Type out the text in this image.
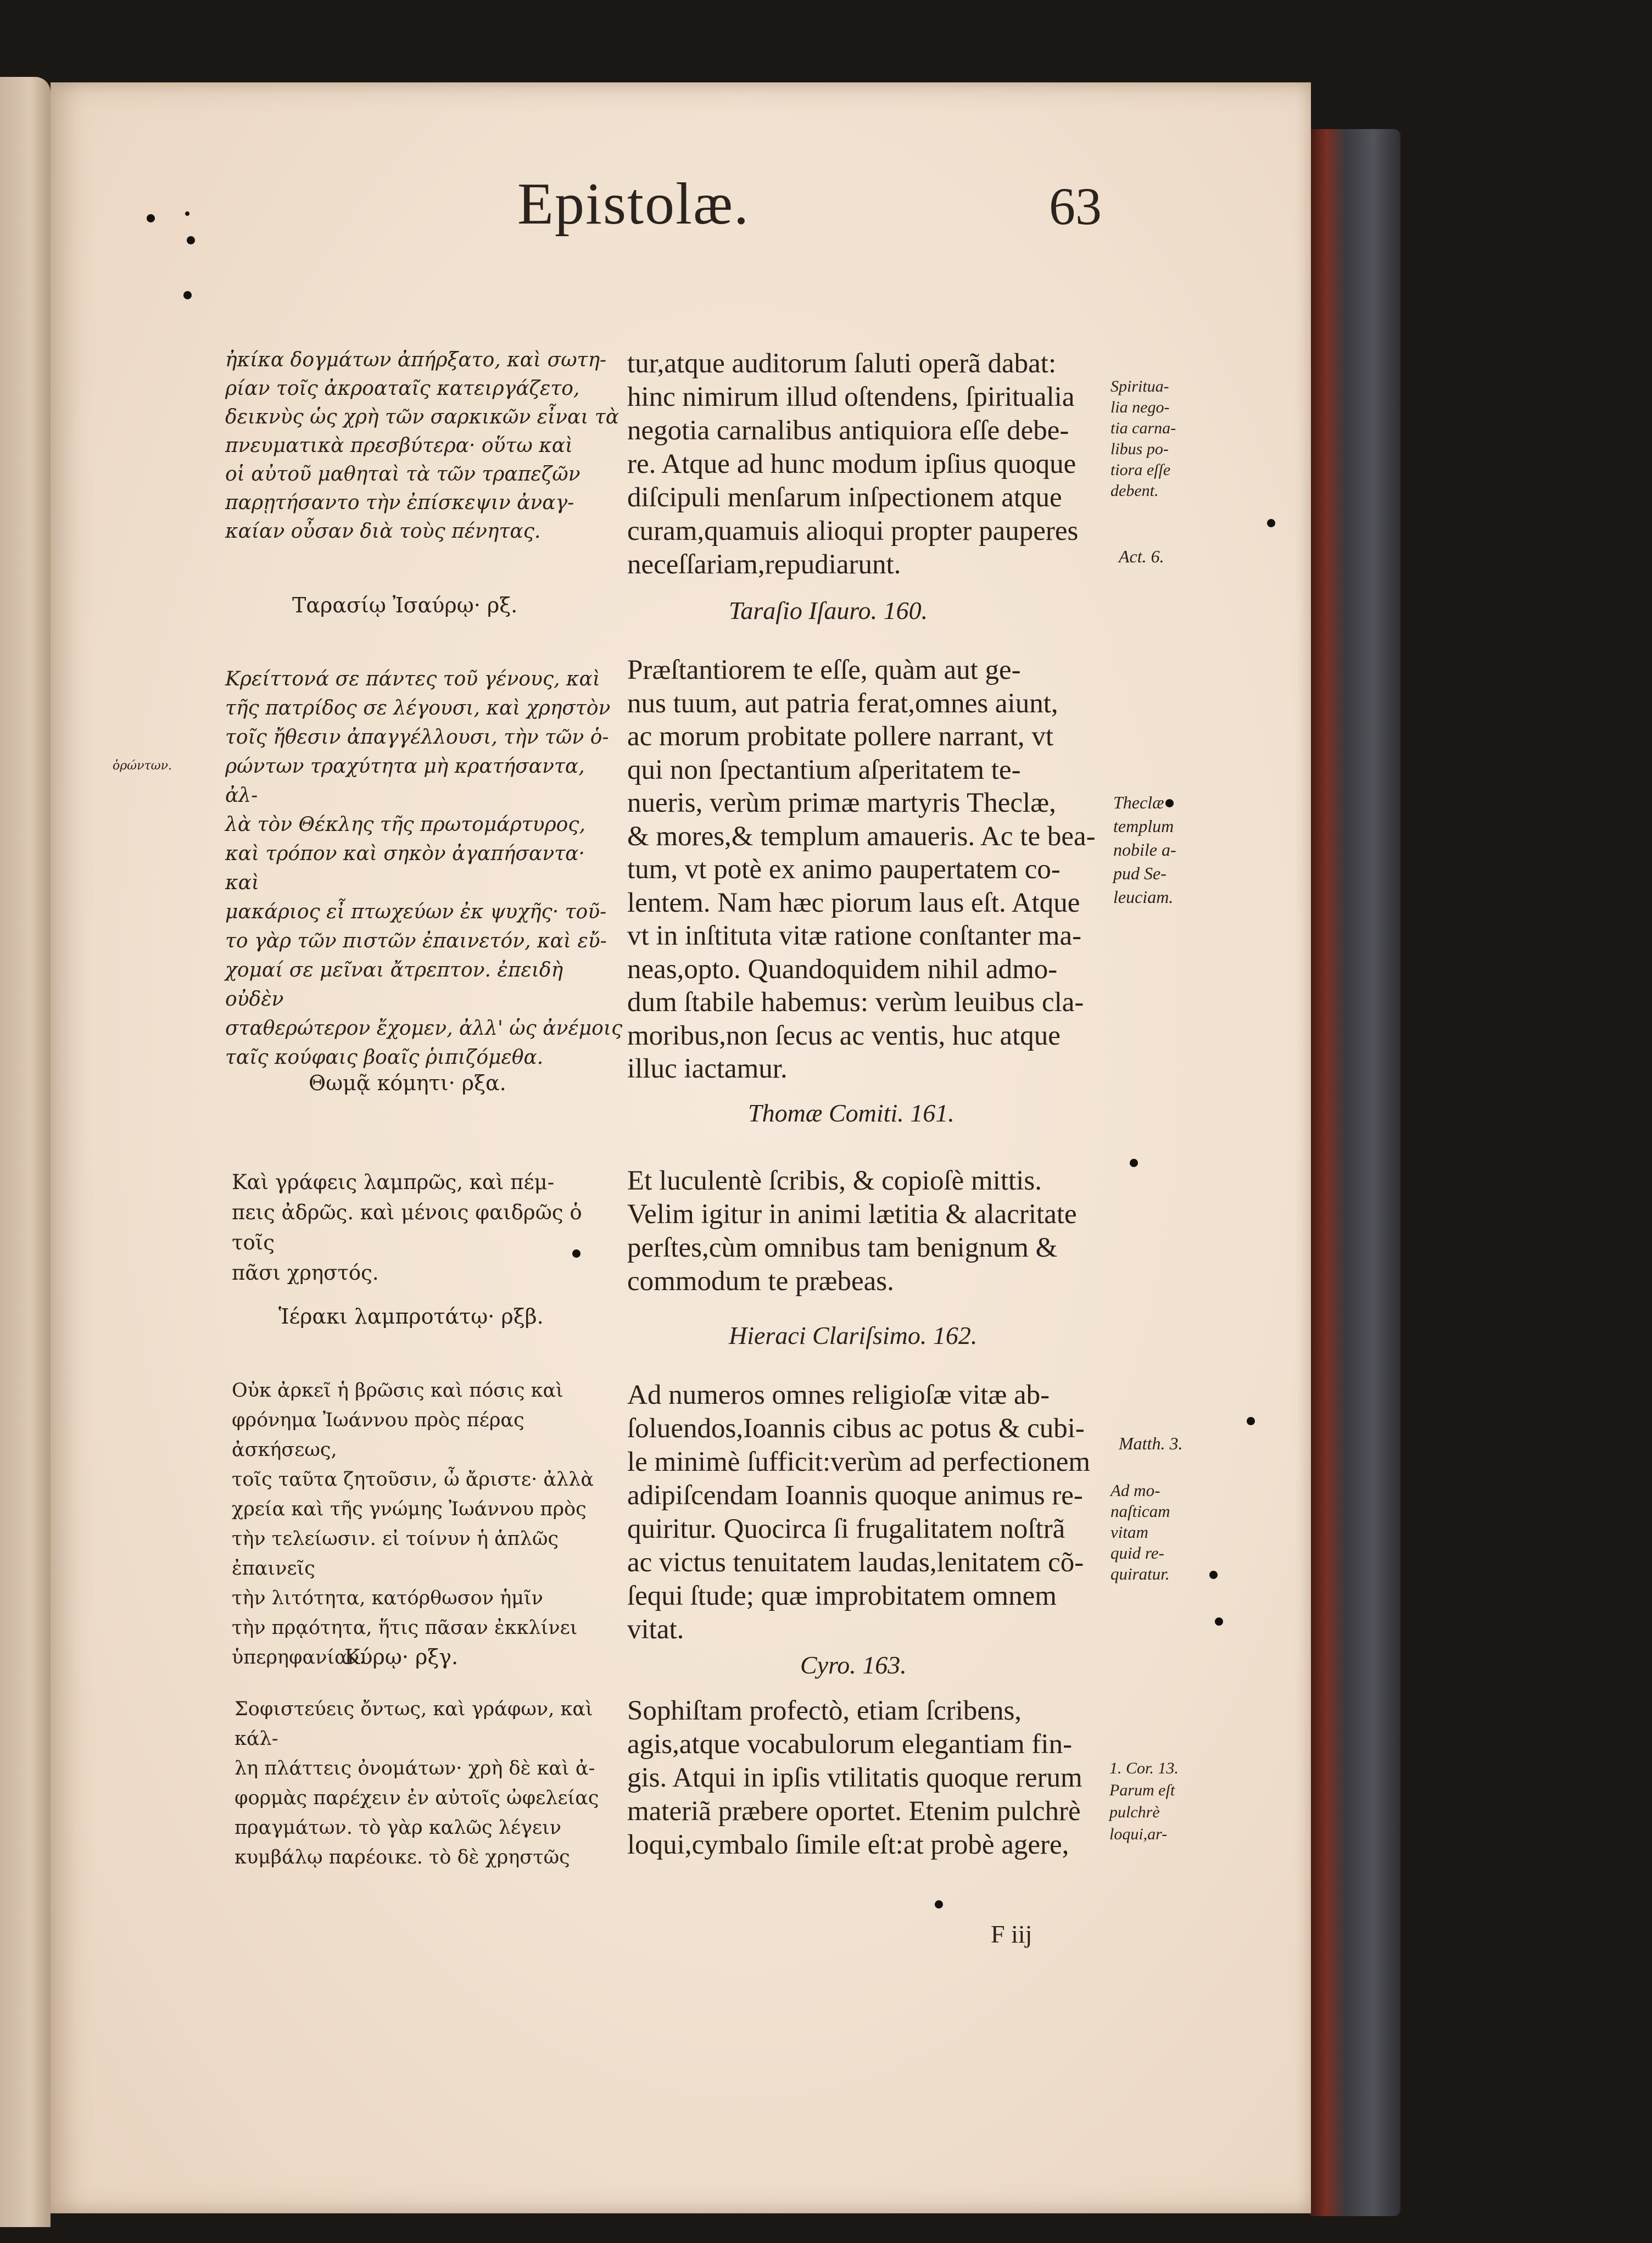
Epistolæ.	63

ἠκίκα δογμάτων ἀπήρξατο, καὶ σωτη-
ρίαν τοῖς ἀκροαταῖς κατειργάζετο,
δεικνὺς ὡς χρὴ τῶν σαρκικῶν εἶναι τὰ
πνευματικὰ πρεσβύτερα· οὕτω καὶ
oἱ αὐτοῦ μαθηταὶ τὰ τῶν τραπεζῶν
παρῃτήσαντο τὴν ἐπίσκεψιν ἀναγ-
καίαν οὖσαν διὰ τοὺς πένητας.

Ταρασίῳ Ἰσαύρῳ· ρξ.

Κρείττονά σε πάντες τοῦ γένους, καὶ
τῆς πατρίδος σε λέγουσι, καὶ χρηστὸν
τοῖς ἤθεσιν ἀπαγγέλλουσι, τὴν τῶν ὁ-
ρώντων τραχύτητα μὴ κρατήσαντα, ἀλ-
λὰ τὸν Θέκλης τῆς πρωτομάρτυρος,
καὶ τρόπον καὶ σηκὸν ἀγαπήσαντα· καὶ
μακάριος εἶ πτωχεύων ἐκ ψυχῆς· τοῦ-
το γὰρ τῶν πιστῶν ἐπαινετόν, καὶ εὔ-
χομαί σε μεῖναι ἄτρεπτον. ἐπειδὴ οὐδὲν
σταθερώτερον ἔχομεν, ἀλλ' ὡς ἀνέμοις
ταῖς κούφαις βοαῖς ῥιπιζόμεθα.

Θωμᾷ κόμητι· ρξα.

Καὶ γράφεις λαμπρῶς, καὶ πέμ-
πεις ἀδρῶς. καὶ μένοις φαιδρῶς ὁ τοῖς
πᾶσι χρηστός.

Ἱέρακι λαμπροτάτῳ· ρξβ.

Οὐκ ἀρκεῖ ἡ βρῶσις καὶ πόσις καὶ
φρόνημα Ἰωάννου πρὸς πέρας ἀσκήσεως,
τοῖς ταῦτα ζητοῦσιν, ὦ ἄριστε· ἀλλὰ
χρεία καὶ τῆς γνώμης Ἰωάννου πρὸς
τὴν τελείωσιν. εἰ τοίνυν ἡ ἁπλῶς ἐπαινεῖς
τὴν λιτότητα, κατόρθωσον ἡμῖν
τὴν πρᾳότητα, ἥτις πᾶσαν ἐκκλίνει
ὑπερηφανίαν.

Κύρῳ· ρξγ.

Σοφιστεύεις ὄντως, καὶ γράφων, καὶ κάλ-
λη πλάττεις ὀνομάτων· χρὴ δὲ καὶ ἀ-
φορμὰς παρέχειν ἐν αὐτοῖς ὠφελείας
πραγμάτων. τὸ γὰρ καλῶς λέγειν
κυμβάλῳ παρέοικε. τὸ δὲ χρηστῶς

tur,atque auditorum ſaluti operã dabat:
hinc nimirum illud oſtendens, ſpiritualia
negotia carnalibus antiquiora eſſe debe-
re. Atque ad hunc modum ipſius quoque
diſcipuli menſarum inſpectionem atque
curam,quamuis alioqui propter pauperes
neceſſariam,repudiarunt.

Taraſio Iſauro. 160.

Præſtantiorem te eſſe, quàm aut ge-
nus tuum, aut patria ferat,omnes aiunt,
ac morum probitate pollere narrant, vt
qui non ſpectantium aſperitatem te-
nueris, verùm primæ martyris Theclæ,
& mores,& templum amaueris. Ac te bea-
tum, vt potè ex animo paupertatem co-
lentem. Nam hæc piorum laus eſt. Atque
vt in inſtituta vitæ ratione conſtanter ma-
neas,opto. Quandoquidem nihil admo-
dum ſtabile habemus: verùm leuibus cla-
moribus,non ſecus ac ventis, huc atque
illuc iactamur.

Thomæ Comiti. 161.

Et luculentè ſcribis, & copioſè mittis.
Velim igitur in animi lætitia & alacritate
perſtes,cùm omnibus tam benignum &
commodum te præbeas.

Hieraci Clariſsimo. 162.

Ad numeros omnes religioſæ vitæ ab-
ſoluendos,Ioannis cibus ac potus & cubi-
le minimè ſufficit:verùm ad perfectionem
adipiſcendam Ioannis quoque animus re-
quiritur. Quocirca ſi frugalitatem noſtrã
ac victus tenuitatem laudas,lenitatem cõ-
ſequi ſtude; quæ improbitatem omnem
vitat.

Cyro. 163.

Sophiſtam profectò, etiam ſcribens,
agis,atque vocabulorum elegantiam fin-
gis. Atqui in ipſis vtilitatis quoque rerum
materiã præbere oportet. Etenim pulchrè
loqui,cymbalo ſimile eſt:at probè agere,

F iij
Spiritua-
lia nego-
tia carna-
libus po-
tiora eſſe
debent.
Act. 6.
Theclæ
templum
nobile a-
pud Se-
leuciam.
Matth. 3.
Ad mo-
naſticam
vitam
quid re-
quiratur.
1. Cor. 13.
Parum eſt
pulchrè
loqui,ar-
ὁρώντων.
